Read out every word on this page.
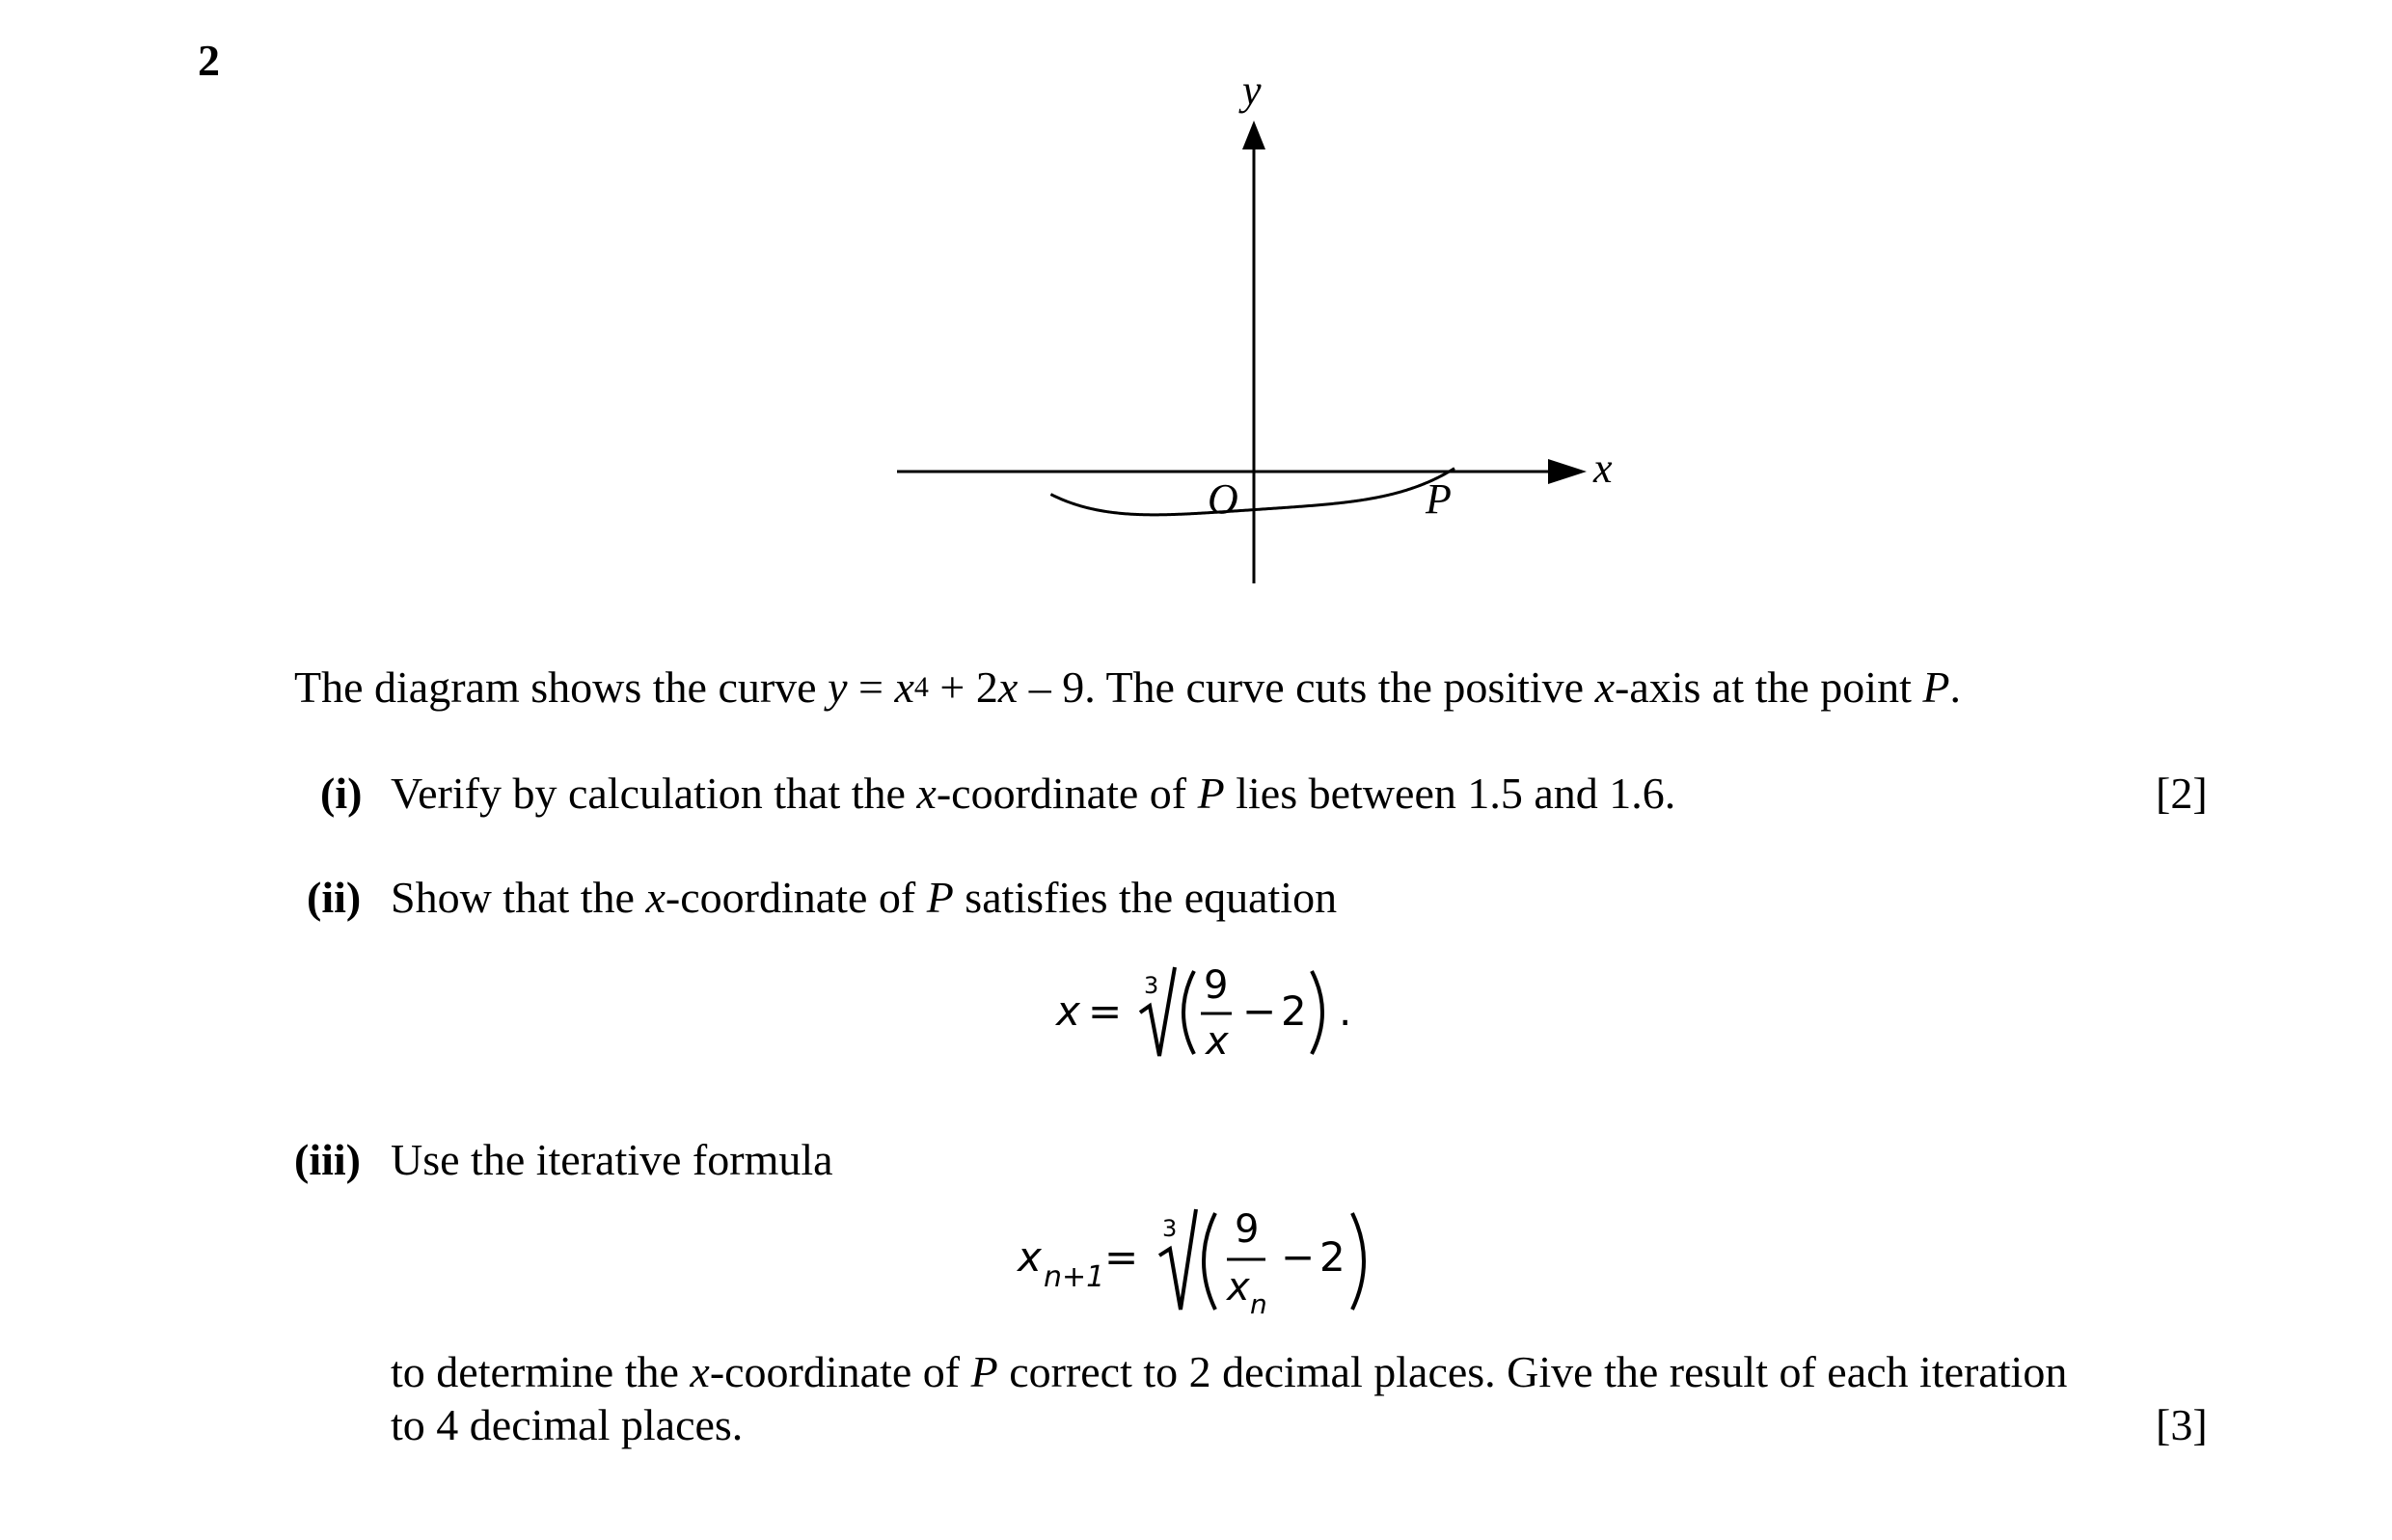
2
y
x
O	P
The diagram shows the curve $y = x^4 + 2x - 9$. The curve cuts the positive x-axis at the point P.
(i) Verify by calculation that the x-coordinate of P lies between 1.5 and 1.6.	[2]
(ii) Show that the x-coordinate of P satisfies the equation
x =
3 9
x
− 2 .
(iii) Use the iterative formula
x n+1 =
3 9
x n
− 2
to determine the x-coordinate of P correct to 2 decimal places. Give the result of each iteration
to 4 decimal places.	[3]
